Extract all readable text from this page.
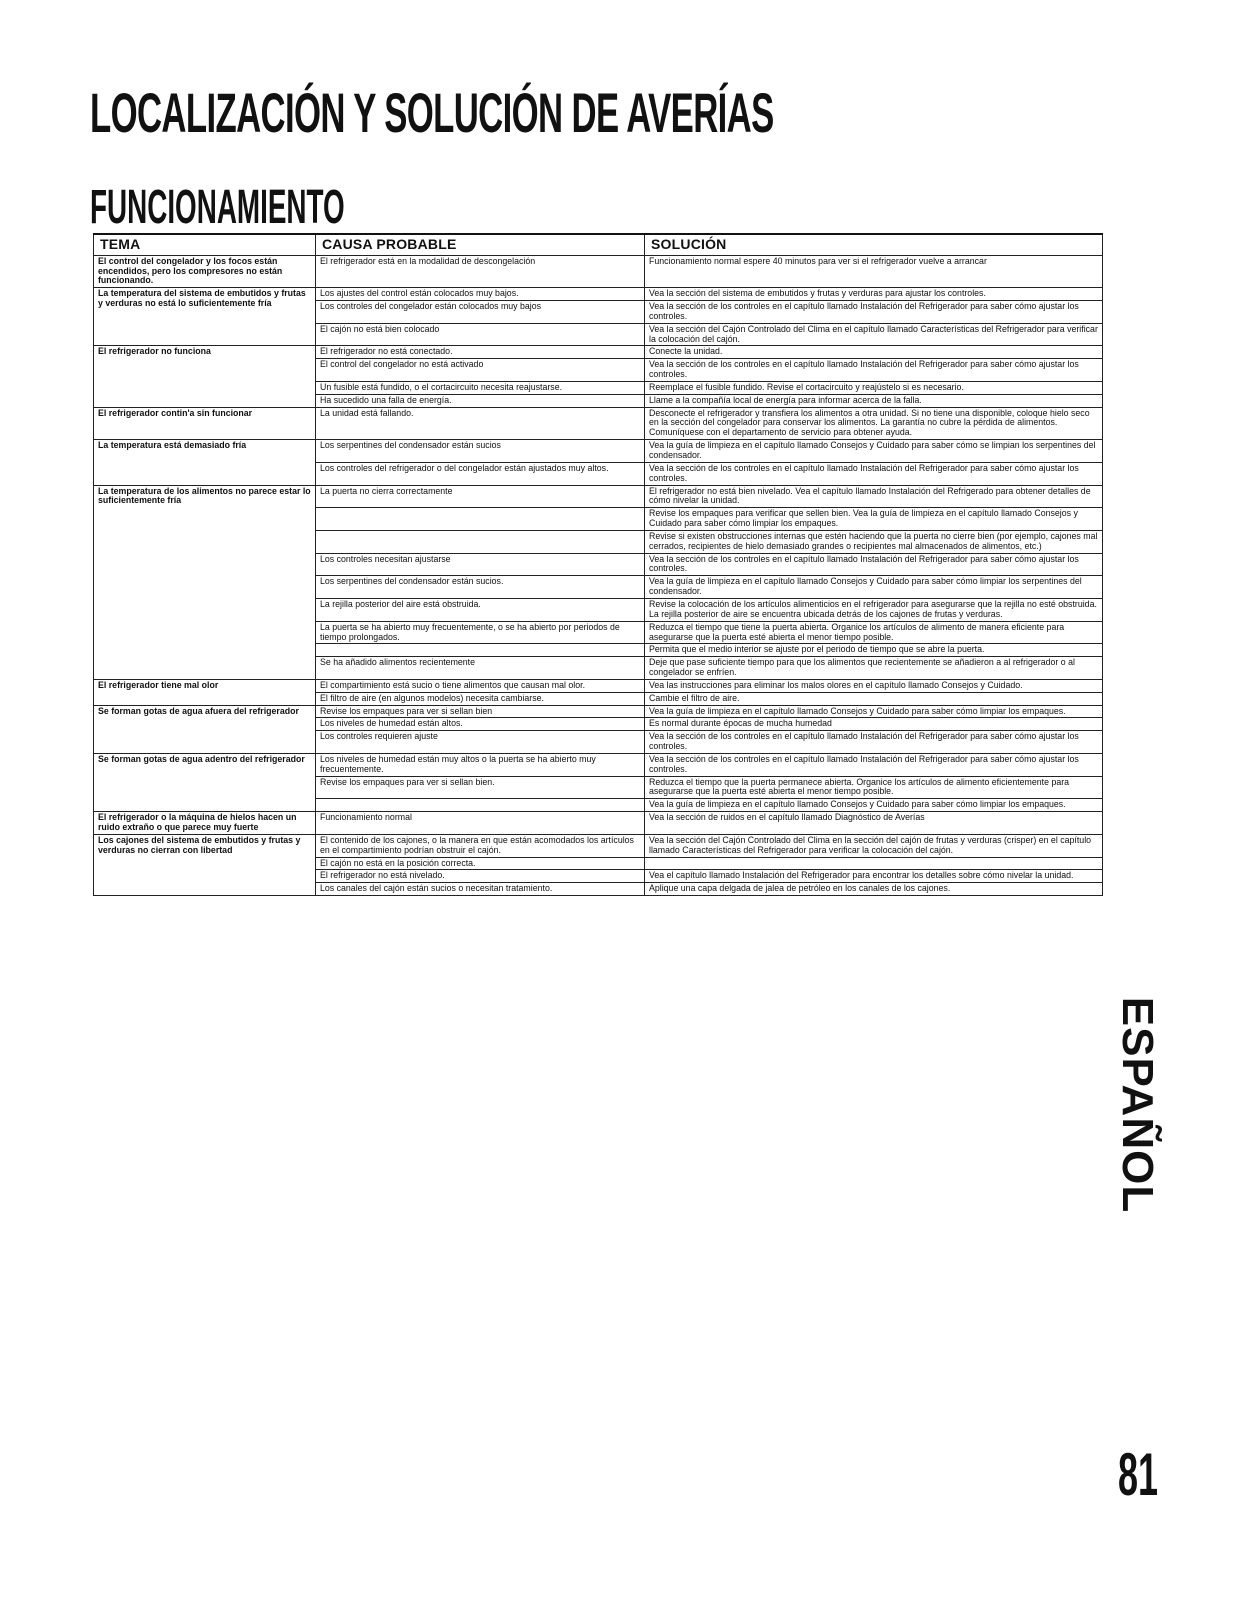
LOCALIZACIÓN Y SOLUCIÓN DE AVERÍAS
FUNCIONAMIENTO
TEMA	CAUSA PROBABLE	SOLUCIÓN
El control del congelador y los focos están encendidos, pero los compresores no están funcionando.	El refrigerador está en la modalidad de descongelación	Funcionamiento normal espere 40 minutos para ver si el refrigerador vuelve a arrancar
La temperatura del sistema de embutidos y frutas y verduras no está lo suficientemente fría	Los ajustes del control están colocados muy bajos.	Vea la sección del sistema de embutidos y frutas y verduras para ajustar los controles.
	Los controles del congelador están colocados muy bajos	Vea la sección de los controles en el capítulo llamado Instalación del Refrigerador para saber cómo ajustar los controles.
	El cajón no está bien colocado	Vea la sección del Cajón Controlado del Clima en el capítulo llamado Características del Refrigerador para verificar la colocación del cajón.
El refrigerador no funciona	El refrigerador no está conectado.	Conecte la unidad.
	El control del congelador no está activado	Vea la sección de los controles en el capítulo llamado Instalación del Refrigerador para saber cómo ajustar los controles.
	Un fusible está fundido, o el cortacircuito necesita reajustarse.	Reemplace el fusible fundido. Revise el cortacircuito y reajústelo si es necesario.
	Ha sucedido una falla de energía.	Llame a la compañía local de energía para informar acerca de la falla.
El refrigerador contin'a sin funcionar	La unidad está fallando.	Desconecte el refrigerador y transfiera los alimentos a otra unidad. Si no tiene una disponible, coloque hielo seco en la sección del congelador para conservar los alimentos. La garantía no cubre la pérdida de alimentos. Comuníquese con el departamento de servicio para obtener ayuda.
La temperatura está demasiado fría	Los serpentines del condensador están sucios	Vea la guía de limpieza en el capítulo llamado Consejos y Cuidado para saber cómo se limpian los serpentines del condensador.
	Los controles del refrigerador o del congelador están ajustados muy altos.	Vea la sección de los controles en el capítulo llamado Instalación del Refrigerador para saber cómo ajustar los controles.
La temperatura de los alimentos no parece estar lo suficientemente fría	La puerta no cierra correctamente	El refrigerador no está bien nivelado. Vea el capítulo llamado Instalación del Refrigerado para obtener detalles de cómo nivelar la unidad.
		Revise los empaques para verificar que sellen bien. Vea la guía de limpieza en el capítulo llamado Consejos y Cuidado para saber cómo limpiar los empaques.
		Revise si existen obstrucciones internas que estén haciendo que la puerta no cierre bien (por ejemplo, cajones mal cerrados, recipientes de hielo demasiado grandes o recipientes mal almacenados de alimentos, etc.)
	Los controles necesitan ajustarse	Vea la sección de los controles en el capítulo llamado Instalación del Refrigerador para saber cómo ajustar los controles.
	Los serpentines del condensador están sucios.	Vea la guía de limpieza en el capítulo llamado Consejos y Cuidado para saber cómo limpiar los serpentines del condensador.
	La rejilla posterior del aire está obstruida.	Revise la colocación de los artículos alimenticios en el refrigerador para asegurarse que la rejilla no esté obstruida. La rejilla posterior de aire se encuentra ubicada detrás de los cajones de frutas y verduras.
	La puerta se ha abierto muy frecuentemente, o se ha abierto por periodos de tiempo prolongados.	Reduzca el tiempo que tiene la puerta abierta. Organice los artículos de alimento de manera eficiente para asegurarse que la puerta esté abierta el menor tiempo posible.
		Permita que el medio interior se ajuste por el periodo de tiempo que se abre la puerta.
	Se ha añadido alimentos recientemente	Deje que pase suficiente tiempo para que los alimentos que recientemente se añadieron a al refrigerador o al congelador se enfríen.
El refrigerador tiene mal olor	El compartimiento está sucio o tiene alimentos que causan mal olor.	Vea las instrucciones para eliminar los malos olores en el capítulo llamado Consejos y Cuidado.
	El filtro de aire (en algunos modelos) necesita cambiarse.	Cambie el filtro de aire.
Se forman gotas de agua afuera del refrigerador	Revise los empaques para ver si sellan bien	Vea la guía de limpieza en el capítulo llamado Consejos y Cuidado para saber cómo limpiar los empaques.
	Los niveles de humedad están altos.	Es normal durante épocas de mucha humedad
	Los controles requieren ajuste	Vea la sección de los controles en el capítulo llamado Instalación del Refrigerador para saber cómo ajustar los controles.
Se forman gotas de agua adentro del refrigerador	Los niveles de humedad están muy altos o la puerta se ha abierto muy frecuentemente.	Vea la sección de los controles en el capítulo llamado Instalación del Refrigerador para saber cómo ajustar los controles.
	Revise los empaques para ver si sellan bien.	Reduzca el tiempo que la puerta permanece abierta. Organice los artículos de alimento eficientemente para asegurarse que la puerta esté abierta el menor tiempo posible.
		Vea la guía de limpieza en el capítulo llamado Consejos y Cuidado para saber cómo limpiar los empaques.
El refrigerador o la máquina de hielos hacen un ruido extraño o que parece muy fuerte	Funcionamiento normal	Vea la sección de ruidos en el capítulo llamado Diagnóstico de Averías
Los cajones del sistema de embutidos y frutas y verduras no cierran con libertad	El contenido de los cajones, o la manera en que están acomodados los artículos en el compartimiento podrían obstruir el cajón.	Vea la sección del Cajón Controlado del Clima en la sección del cajón de frutas y verduras (crisper) en el capítulo llamado Características del Refrigerador para verificar la colocación del cajón.
	El cajón no está en la posición correcta.	
	El refrigerador no está nivelado.	Vea el capítulo llamado Instalación del Refrigerador para encontrar los detalles sobre cómo nivelar la unidad.
	Los canales del cajón están sucios o necesitan tratamiento.	Aplique una capa delgada de jalea de petróleo en los canales de los cajones.
ESPAÑOL
81
